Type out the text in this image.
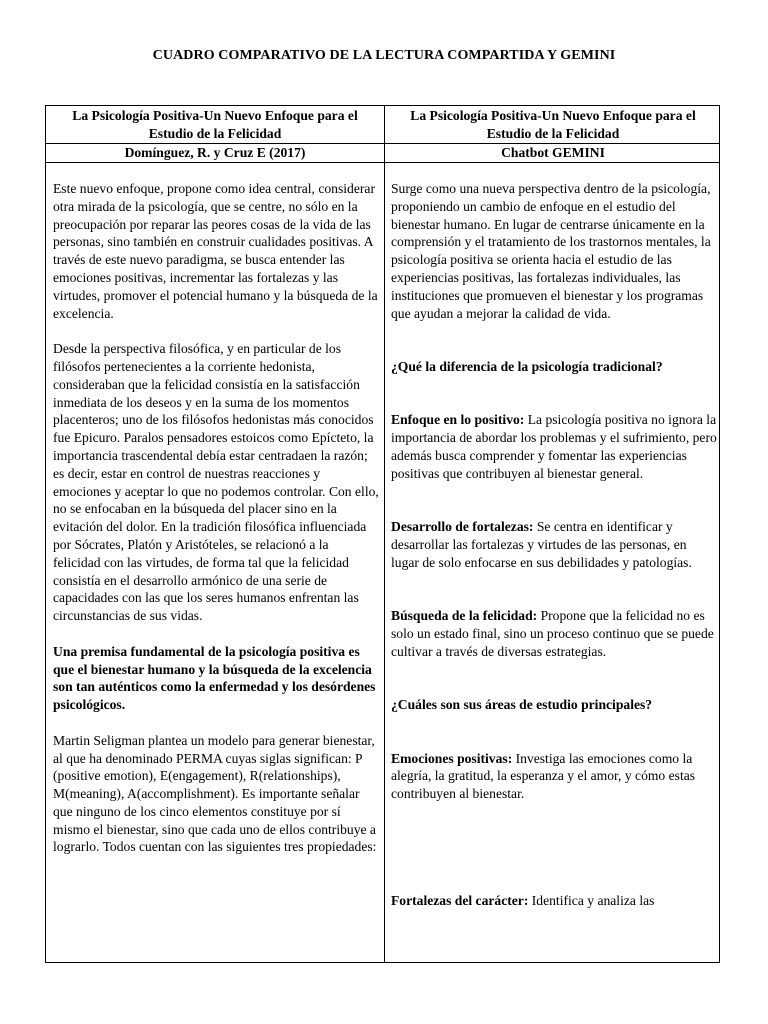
CUADRO COMPARATIVO DE LA LECTURA COMPARTIDA Y GEMINI
La Psicología Positiva-Un Nuevo Enfoque para el Estudio de la Felicidad
La Psicología Positiva-Un Nuevo Enfoque para el Estudio de la Felicidad
Domínguez, R. y Cruz E (2017)	Chatbot GEMINI

Este nuevo enfoque, propone como idea central, considerar otra mirada de la psicología, que se centre, no sólo en la preocupación por reparar las peores cosas de la vida de las personas, sino también en construir cualidades positivas. A través de este nuevo paradigma, se busca entender las emociones positivas, incrementar las fortalezas y las virtudes, promover el potencial humano y la búsqueda de la excelencia.

Desde la perspectiva filosófica, y en particular de los filósofos pertenecientes a la corriente hedonista, consideraban que la felicidad consistía en la satisfacción inmediata de los deseos y en la suma de los momentos placenteros; uno de los filósofos hedonistas más conocidos fue Epicuro. Paralos pensadores estoicos como Epícteto, la importancia trascendental debía estar centradaen la razón; es decir, estar en control de nuestras reacciones y emociones y aceptar lo que no podemos controlar. Con ello, no se enfocaban en la búsqueda del placer sino en la evitación del dolor. En la tradición filosófica influenciada por Sócrates, Platón y Aristóteles, se relacionó a la felicidad con las virtudes, de forma tal que la felicidad consistía en el desarrollo armónico de una serie de capacidades con las que los seres humanos enfrentan las circunstancias de sus vidas.

Una premisa fundamental de la psicología positiva es que el bienestar humano y la búsqueda de la excelencia son tan auténticos como la enfermedad y los desórdenes psicológicos.

Martin Seligman plantea un modelo para generar bienestar, al que ha denominado PERMA cuyas siglas significan: P (positive emotion), E(engagement), R(relationships), M(meaning), A(accomplishment). Es importante señalar que ninguno de los cinco elementos constituye por sí mismo el bienestar, sino que cada uno de ellos contribuye a lograrlo. Todos cuentan con las siguientes tres propiedades:

Surge como una nueva perspectiva dentro de la psicología, proponiendo un cambio de enfoque en el estudio del bienestar humano. En lugar de centrarse únicamente en la comprensión y el tratamiento de los trastornos mentales, la psicología positiva se orienta hacia el estudio de las experiencias positivas, las fortalezas individuales, las instituciones que promueven el bienestar y los programas que ayudan a mejorar la calidad de vida.

¿Qué la diferencia de la psicología tradicional?

Enfoque en lo positivo: La psicología positiva no ignora la importancia de abordar los problemas y el sufrimiento, pero además busca comprender y fomentar las experiencias positivas que contribuyen al bienestar general.

Desarrollo de fortalezas: Se centra en identificar y desarrollar las fortalezas y virtudes de las personas, en lugar de solo enfocarse en sus debilidades y patologías.

Búsqueda de la felicidad: Propone que la felicidad no es solo un estado final, sino un proceso continuo que se puede cultivar a través de diversas estrategias.

¿Cuáles son sus áreas de estudio principales?

Emociones positivas: Investiga las emociones como la alegría, la gratitud, la esperanza y el amor, y cómo estas contribuyen al bienestar.

Fortalezas del carácter: Identifica y analiza las
